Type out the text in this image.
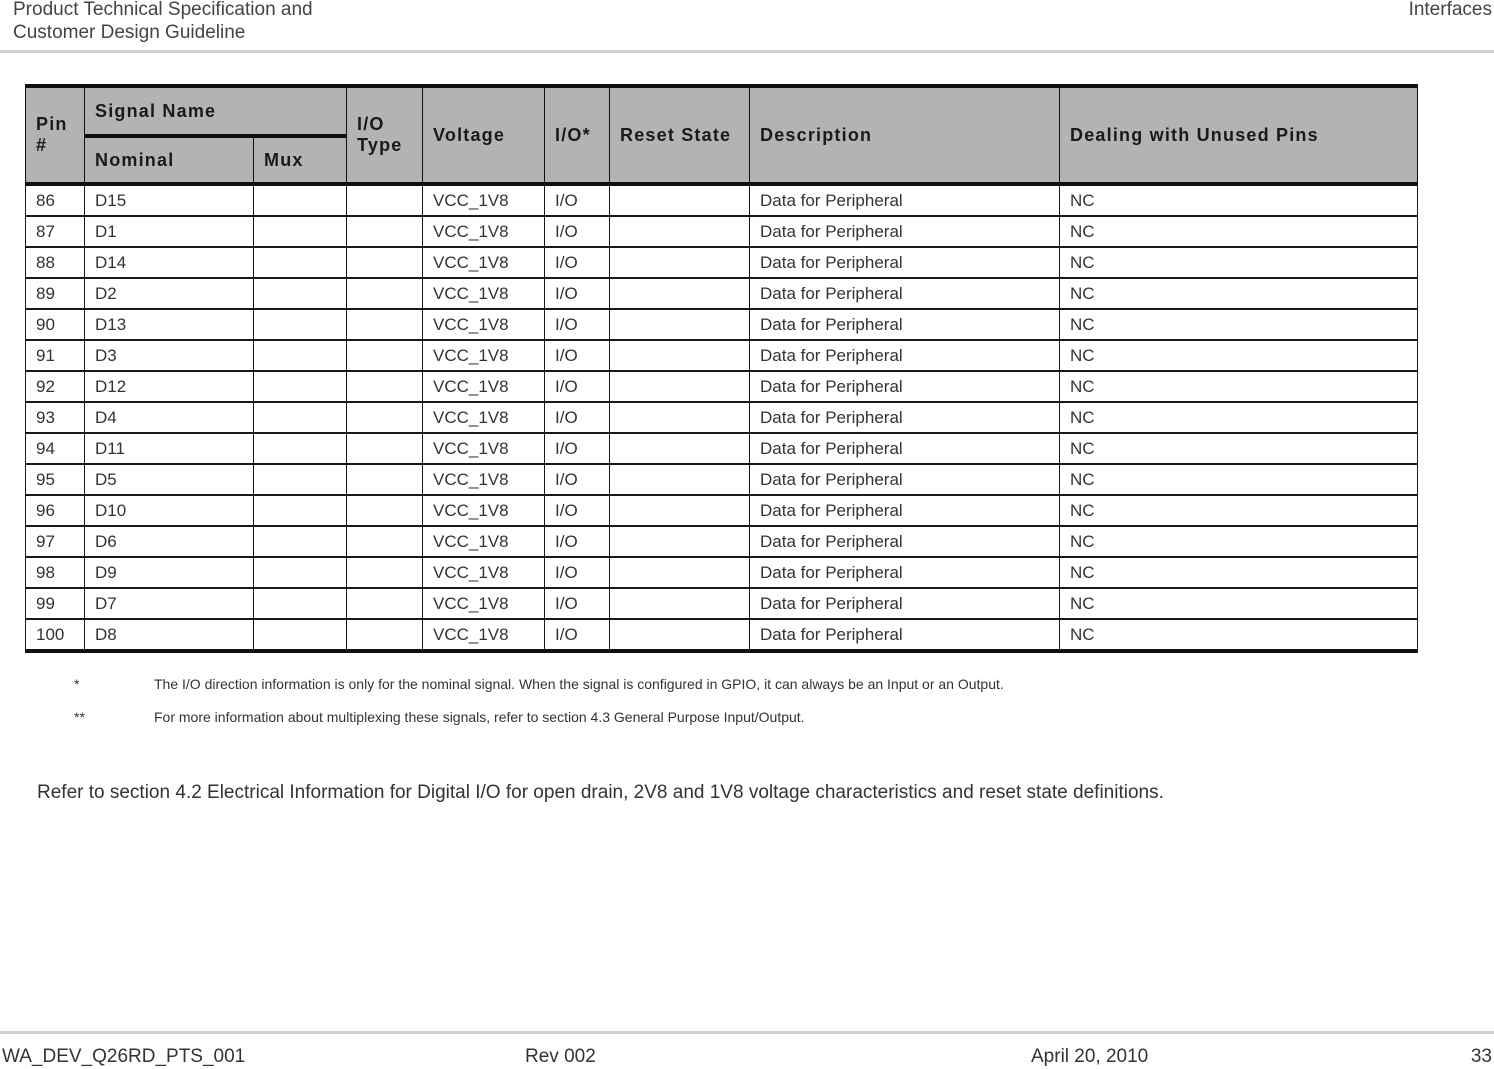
Product Technical Specification and
Customer Design Guideline
Interfaces
Pin #	Signal Name		I/O Type	Voltage	I/O*	Reset State	Description	Dealing with Unused Pins
	Nominal	Mux						
86	D15			VCC_1V8	I/O		Data for Peripheral	NC
87	D1			VCC_1V8	I/O		Data for Peripheral	NC
88	D14			VCC_1V8	I/O		Data for Peripheral	NC
89	D2			VCC_1V8	I/O		Data for Peripheral	NC
90	D13			VCC_1V8	I/O		Data for Peripheral	NC
91	D3			VCC_1V8	I/O		Data for Peripheral	NC
92	D12			VCC_1V8	I/O		Data for Peripheral	NC
93	D4			VCC_1V8	I/O		Data for Peripheral	NC
94	D11			VCC_1V8	I/O		Data for Peripheral	NC
95	D5			VCC_1V8	I/O		Data for Peripheral	NC
96	D10			VCC_1V8	I/O		Data for Peripheral	NC
97	D6			VCC_1V8	I/O		Data for Peripheral	NC
98	D9			VCC_1V8	I/O		Data for Peripheral	NC
99	D7			VCC_1V8	I/O		Data for Peripheral	NC
100	D8			VCC_1V8	I/O		Data for Peripheral	NC
*	The I/O direction information is only for the nominal signal. When the signal is configured in GPIO, it can always be an Input or an Output.
**	For more information about multiplexing these signals, refer to section 4.3 General Purpose Input/Output.
Refer to section 4.2 Electrical Information for Digital I/O for open drain, 2V8 and 1V8 voltage characteristics and reset state definitions.
WA_DEV_Q26RD_PTS_001	Rev 002	April 20, 2010	33
